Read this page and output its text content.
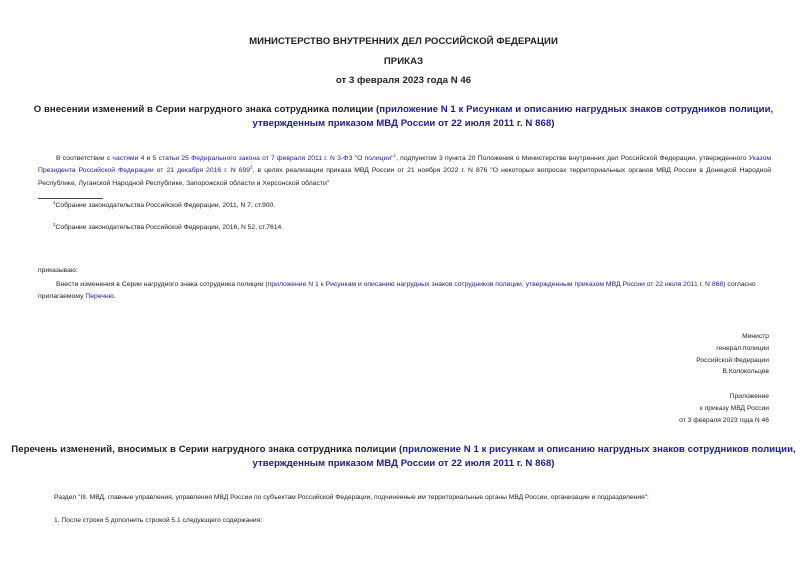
МИНИСТЕРСТВО ВНУТРЕННИХ ДЕЛ РОССИЙСКОЙ ФЕДЕРАЦИИ
ПРИКАЗ
от 3 февраля 2023 года N 46
О внесении изменений в Серии нагрудного знака сотрудника полиции (приложение N 1 к Рисункам и описанию нагрудных знаков сотрудников полиции,
утвержденным приказом МВД России от 22 июля 2011 г. N 868)
В соответствии с частями 4 и 5 статьи 25 Федерального закона от 7 февраля 2011 г. N 3-ФЗ "О полиции"$^1$, подпунктом 3 пункта 20 Положения о Министерстве внутренних дел Российской Федерации, утвержденного Указом Президента Российской Федерации от 21 декабря 2016 г. N $699^2$, в целях реализации приказа МВД России от 21 ноября 2022 г. N 876 "О некоторых вопросах территориальных органов МВД России в Донецкой Народной Республике, Луганской Народной Республике, Запорожской области и Херсонской области"
$^1$Собрание законодательства Российской Федерации, 2011, N 7, ст.900.
$^2$Собрание законодательства Российской Федерации, 2016, N 52, ст.7614.
приказываю:
Внести изменения в Серии нагрудного знака сотрудника полиции (приложение N 1 к Рисункам и описанию нагрудных знаков сотрудников полиции, утвержденным приказом МВД России от 22 июля 2011 г. N 868) согласно прилагаемому Перечню.
Министр
генерал полиции
Российской Федерации
В.Колокольцев
Приложение
к приказу МВД России
от 3 февраля 2023 года N 46
Перечень изменений, вносимых в Серии нагрудного знака сотрудника полиции (приложение N 1 к рисункам и описанию нагрудных знаков сотрудников полиции,
утвержденным приказом МВД России от 22 июля 2011 г. N 868)
Раздел "III. МВД, главные управления, управления МВД России по субъектам Российской Федерации, подчиненные им территориальные органы МВД России, организации и подразделения":
1. После строки 5 дополнить строкой 5.1 следующего содержания:
